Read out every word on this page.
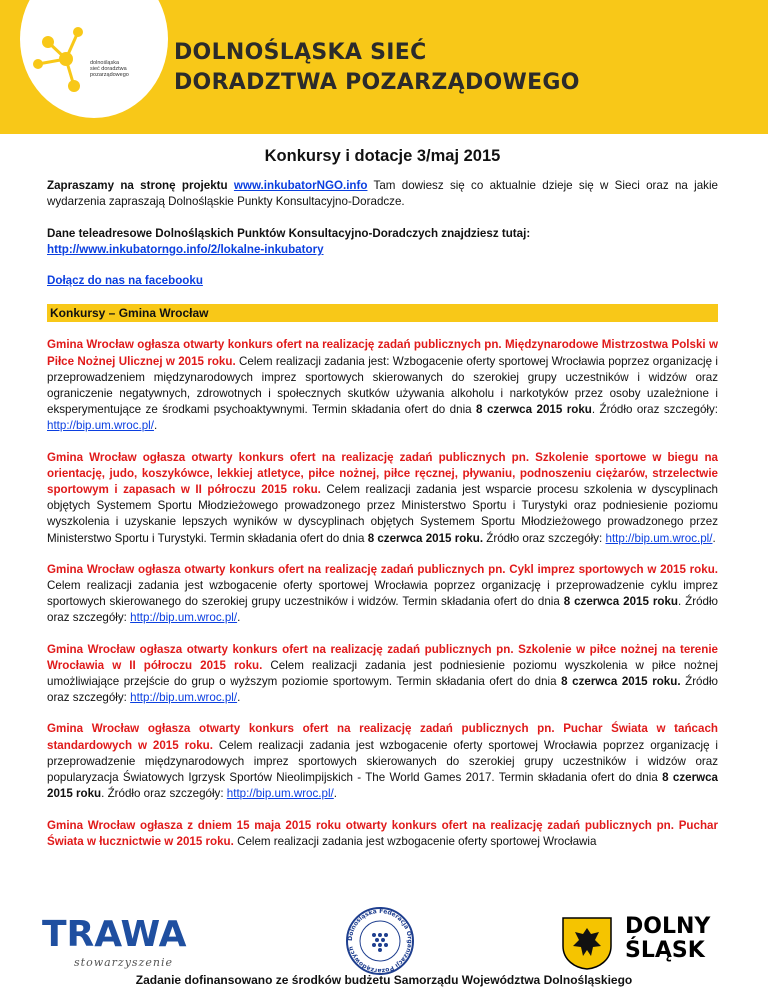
dolnośląska
sieć doradztwa
pozarządowego
DOLNOŚLĄSKA SIEĆ
DORADZTWA POZARZĄDOWEGO
Konkursy i dotacje 3/maj 2015

Zapraszamy na stronę projektu www.inkubatorNGO.info Tam dowiesz się co aktualnie dzieje się w Sieci oraz na jakie wydarzenia zapraszają Dolnośląskie Punkty Konsultacyjno-Doradcze.

Dane teleadresowe Dolnośląskich Punktów Konsultacyjno-Doradczych znajdziesz tutaj:
http://www.inkubatorngo.info/2/lokalne-inkubatory

Dołącz do nas na facebooku

Konkursy – Gmina Wrocław

Gmina Wrocław ogłasza otwarty konkurs ofert na realizację zadań publicznych pn. Międzynarodowe Mistrzostwa Polski w Piłce Nożnej Ulicznej w 2015 roku. Celem realizacji zadania jest: Wzbogacenie oferty sportowej Wrocławia poprzez organizację i przeprowadzeniem międzynarodowych imprez sportowych skierowanych do szerokiej grupy uczestników i widzów oraz ograniczenie negatywnych, zdrowotnych i społecznych skutków używania alkoholu i narkotyków przez osoby uzależnione i eksperymentujące ze środkami psychoaktywnymi. Termin składania ofert do dnia 8 czerwca 2015 roku. Źródło oraz szczegóły: http://bip.um.wroc.pl/.

Gmina Wrocław ogłasza otwarty konkurs ofert na realizację zadań publicznych pn. Szkolenie sportowe w biegu na orientację, judo, koszykówce, lekkiej atletyce, piłce nożnej, piłce ręcznej, pływaniu, podnoszeniu ciężarów, strzelectwie sportowym i zapasach w II półroczu 2015 roku. Celem realizacji zadania jest wsparcie procesu szkolenia w dyscyplinach objętych Systemem Sportu Młodzieżowego prowadzonego przez Ministerstwo Sportu i Turystyki oraz podniesienie poziomu wyszkolenia i uzyskanie lepszych wyników w dyscyplinach objętych Systemem Sportu Młodzieżowego prowadzonego przez Ministerstwo Sportu i Turystyki. Termin składania ofert do dnia 8 czerwca 2015 roku. Źródło oraz szczegóły: http://bip.um.wroc.pl/.

Gmina Wrocław ogłasza otwarty konkurs ofert na realizację zadań publicznych pn. Cykl imprez sportowych w 2015 roku. Celem realizacji zadania jest wzbogacenie oferty sportowej Wrocławia poprzez organizację i przeprowadzenie cyklu imprez sportowych skierowanego do szerokiej grupy uczestników i widzów. Termin składania ofert do dnia 8 czerwca 2015 roku. Źródło oraz szczegóły: http://bip.um.wroc.pl/.

Gmina Wrocław ogłasza otwarty konkurs ofert na realizację zadań publicznych pn. Szkolenie w piłce nożnej na terenie Wrocławia w II półroczu 2015 roku. Celem realizacji zadania jest podniesienie poziomu wyszkolenia w piłce nożnej umożliwiające przejście do grup o wyższym poziomie sportowym. Termin składania ofert do dnia 8 czerwca 2015 roku. Źródło oraz szczegóły: http://bip.um.wroc.pl/.

Gmina Wrocław ogłasza otwarty konkurs ofert na realizację zadań publicznych pn. Puchar Świata w tańcach standardowych w 2015 roku. Celem realizacji zadania jest wzbogacenie oferty sportowej Wrocławia poprzez organizację i przeprowadzenie międzynarodowych imprez sportowych skierowanych do szerokiej grupy uczestników i widzów oraz popularyzacja Światowych Igrzysk Sportów Nieolimpijskich - The World Games 2017. Termin składania ofert do dnia 8 czerwca 2015 roku. Źródło oraz szczegóły: http://bip.um.wroc.pl/.

Gmina Wrocław ogłasza z dniem 15 maja 2015 roku otwarty konkurs ofert na realizację zadań publicznych pn. Puchar Świata w łucznictwie w 2015 roku. Celem realizacji zadania jest wzbogacenie oferty sportowej Wrocławia

TRAWA
stowarzyszenie
Dolnośląska Federacja Organizacji Pozarządowych
DOLNY
ŚLĄSK
Zadanie dofinansowano ze środków budżetu Samorządu Województwa Dolnośląskiego
